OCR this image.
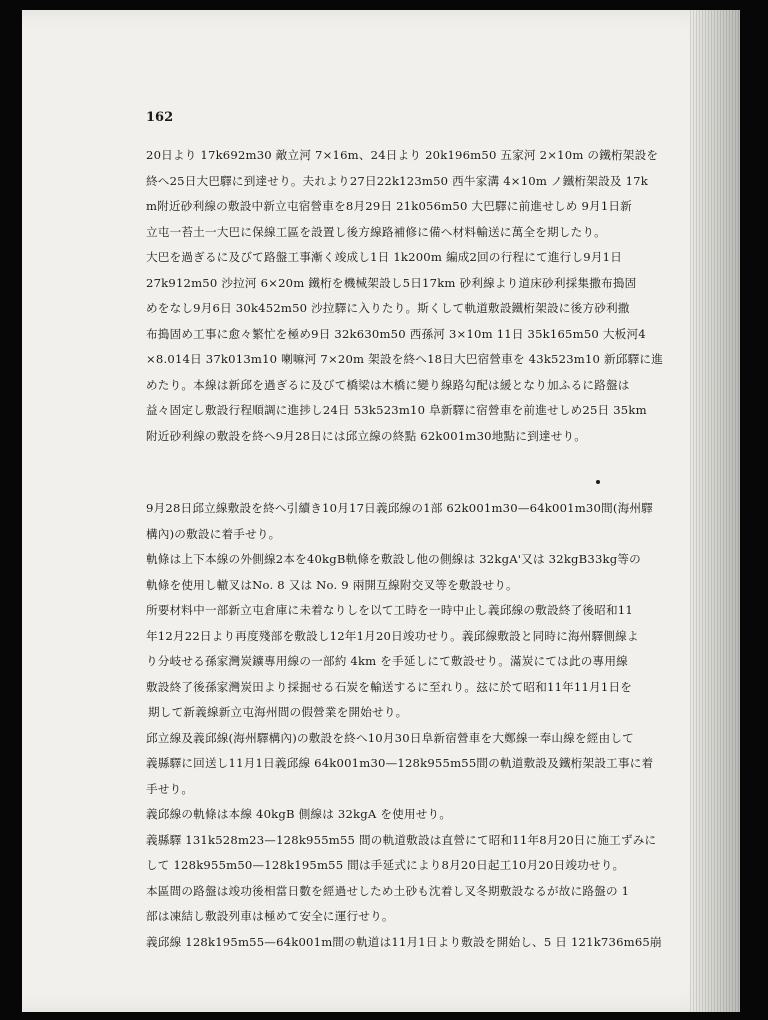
162
20日より 17k692m30 敵立河 7×16m、24日より 20k196m50 五家河 2×10m の鐵桁架設を
終へ25日大巴驛に到達せり。夫れより27日22k123m50 西牛家溝 4×10m ノ鐵桁架設及 17k
m附近砂利線の敷設中新立屯宿營車を8月29日 21k056m50 大巴驛に前進せしめ 9月1日新
立屯一苔土一大巴に保線工區を設置し後方線路補修に備へ材料輸送に萬全を期したり。
大巴を過ぎるに及びて路盤工事漸く竣成し1日 1k200m 編成2回の行程にて進行し9月1日
27k912m50 沙拉河 6×20m 鐵桁を機械架設し5日17km 砂利線より道床砂利採集撒布搗固
めをなし9月6日 30k452m50 沙拉驛に入りたり。斯くして軌道敷設鐵桁架設に後方砂利撒
布搗固め工事に愈々繁忙を極め9日 32k630m50 西孫河 3×10m 11日 35k165m50 大板河4
×8.014日 37k013m10 喇嘛河 7×20m 架設を終へ18日大巴宿營車を 43k523m10 新邱驛に進
めたり。本線は新邱を過ぎるに及びて橋梁は木橋に變り線路勾配は緩となり加ふるに路盤は
益々固定し敷設行程順調に進捗し24日 53k523m10 阜新驛に宿營車を前進せしめ25日 35km
附近砂利線の敷設を終へ9月28日には邱立線の終點 62k001m30地點に到達せり。
9月28日邱立線敷設を終へ引續き10月17日義邱線の1部 62k001m30—64k001m30間(海州驛
構內)の敷設に着手せり。
軌條は上下本線の外側線2本を40kgB軌條を敷設し他の側線は 32kgA'又は 32kgB33kg等の
軌條を使用し轍叉はNo. 8 又は No. 9 兩開互線附交叉等を敷設せり。
所要材料中一部新立屯倉庫に未着なりしを以て工時を一時中止し義邱線の敷設終了後昭和11
年12月22日より再度殘部を敷設し12年1月20日竣功せり。義邱線敷設と同時に海州驛側線よ
り分岐せる孫家灣炭鑛專用線の一部約 4km を手延しにて敷設せり。滿炭にては此の專用線
敷設終了後孫家灣炭田より採掘せる石炭を輸送するに至れり。玆に於て昭和11年11月1日を
期して新義線新立屯海州間の假營業を開始せり。
邱立線及義邱線(海州驛構內)の敷設を終へ10月30日阜新宿營車を大鄭線一奉山線を經由して
義縣驛に回送し11月1日義邱線 64k001m30—128k955m55間の軌道敷設及鐵桁架設工事に着
手せり。
義邱線の軌條は本線 40kgB 側線は 32kgA を使用せり。
義縣驛 131k528m23—128k955m55 間の軌道敷設は直營にて昭和11年8月20日に施工ずみに
して 128k955m50—128k195m55 間は手延式により8月20日起工10月20日竣功せり。
本區間の路盤は竣功後相當日數を經過せしため土砂も沈着し叉冬期敷設なるが故に路盤の 1
部は凍結し敷設列車は極めて安全に運行せり。
義邱線 128k195m55—64k001m間の軌道は11月1日より敷設を開始し、5 日 121k736m65崩
